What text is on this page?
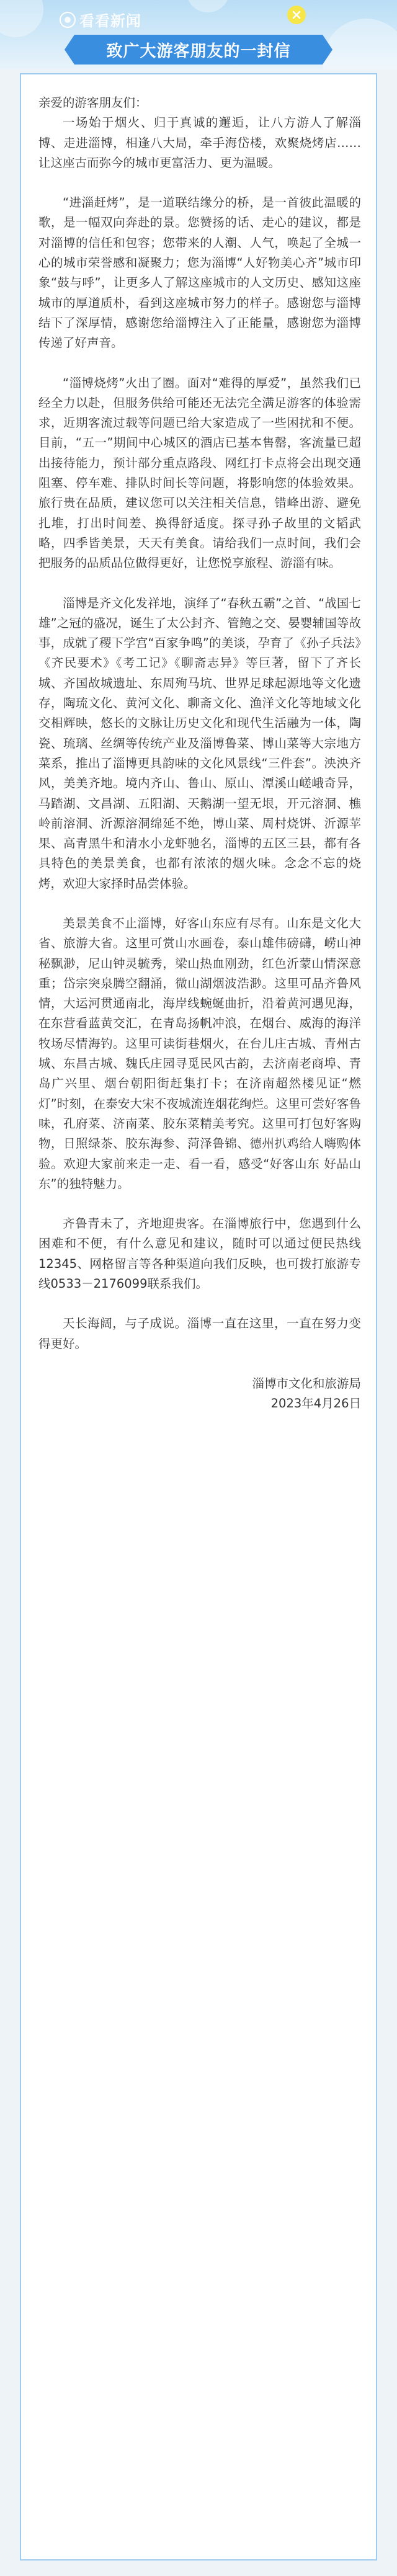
看看新闻
致广大游客朋友的一封信

亲爱的游客朋友们：

一场始于烟火、归于真诚的邂逅，让八方游人了解淄博、走进淄博，相逢八大局，牵手海岱楼，欢聚烧烤店……让这座古而弥今的城市更富活力、更为温暖。

“进淄赶烤”，是一道联结缘分的桥，是一首彼此温暖的歌，是一幅双向奔赴的景。您赞扬的话、走心的建议，都是对淄博的信任和包容；您带来的人潮、人气，唤起了全城一心的城市荣誉感和凝聚力；您为淄博“人好物美心齐”城市印象“鼓与呼”，让更多人了解这座城市的人文历史、感知这座城市的厚道质朴，看到这座城市努力的样子。感谢您与淄博结下了深厚情，感谢您给淄博注入了正能量，感谢您为淄博传递了好声音。

“淄博烧烤”火出了圈。面对“难得的厚爱”，虽然我们已经全力以赴，但服务供给可能还无法完全满足游客的体验需求，近期客流过载等问题已给大家造成了一些困扰和不便。目前，“五一”期间中心城区的酒店已基本售罄，客流量已超出接待能力，预计部分重点路段、网红打卡点将会出现交通阻塞、停车难、排队时间长等问题，将影响您的体验效果。旅行贵在品质，建议您可以关注相关信息，错峰出游、避免扎堆，打出时间差、换得舒适度。探寻孙子故里的文韬武略，四季皆美景，天天有美食。请给我们一点时间，我们会把服务的品质品位做得更好，让您悦享旅程、游淄有味。

淄博是齐文化发祥地，演绎了“春秋五霸”之首、“战国七雄”之冠的盛况，诞生了太公封齐、管鲍之交、晏婴辅国等故事，成就了稷下学宫“百家争鸣”的美谈，孕育了《孙子兵法》《齐民要术》《考工记》《聊斋志异》等巨著，留下了齐长城、齐国故城遗址、东周殉马坑、世界足球起源地等文化遗存，陶琉文化、黄河文化、聊斋文化、渔洋文化等地域文化交相辉映，悠长的文脉让历史文化和现代生活融为一体，陶瓷、琉璃、丝绸等传统产业及淄博鲁菜、博山菜等大宗地方菜系，推出了淄博更具韵味的文化风景线“三件套”。泱泱齐风，美美齐地。境内齐山、鲁山、原山、潭溪山嵯峨奇异，马踏湖、文昌湖、五阳湖、天鹅湖一望无垠，开元溶洞、樵岭前溶洞、沂源溶洞绵延不绝，博山菜、周村烧饼、沂源苹果、高青黑牛和清水小龙虾驰名，淄博的五区三县，都有各具特色的美景美食，也都有浓浓的烟火味。念念不忘的烧烤，欢迎大家择时品尝体验。

美景美食不止淄博，好客山东应有尽有。山东是文化大省、旅游大省。这里可赏山水画卷，泰山雄伟磅礴，崂山神秘飘渺，尼山钟灵毓秀，梁山热血刚劲，红色沂蒙山情深意重；岱宗突泉腾空翻涌，微山湖烟波浩渺。这里可品齐鲁风情，大运河贯通南北，海岸线蜿蜒曲折，沿着黄河遇见海，在东营看蓝黄交汇，在青岛扬帆冲浪，在烟台、威海的海洋牧场尽情海钓。这里可读街巷烟火，在台儿庄古城、青州古城、东昌古城、魏氏庄园寻觅民风古韵，去济南老商埠、青岛广兴里、烟台朝阳街赶集打卡；在济南超然楼见证“燃灯”时刻，在泰安大宋不夜城流连烟花绚烂。这里可尝好客鲁味，孔府菜、济南菜、胶东菜精美考究。这里可打包好客购物，日照绿茶、胶东海参、菏泽鲁锦、德州扒鸡给人嗨购体验。欢迎大家前来走一走、看一看，感受“好客山东 好品山东”的独特魅力。

齐鲁青未了，齐地迎贵客。在淄博旅行中，您遇到什么困难和不便，有什么意见和建议，随时可以通过便民热线12345、网格留言等各种渠道向我们反映，也可拨打旅游专线0533－2176099联系我们。

天长海阔，与子成说。淄博一直在这里，一直在努力变得更好。

淄博市文化和旅游局

2023年4月26日
